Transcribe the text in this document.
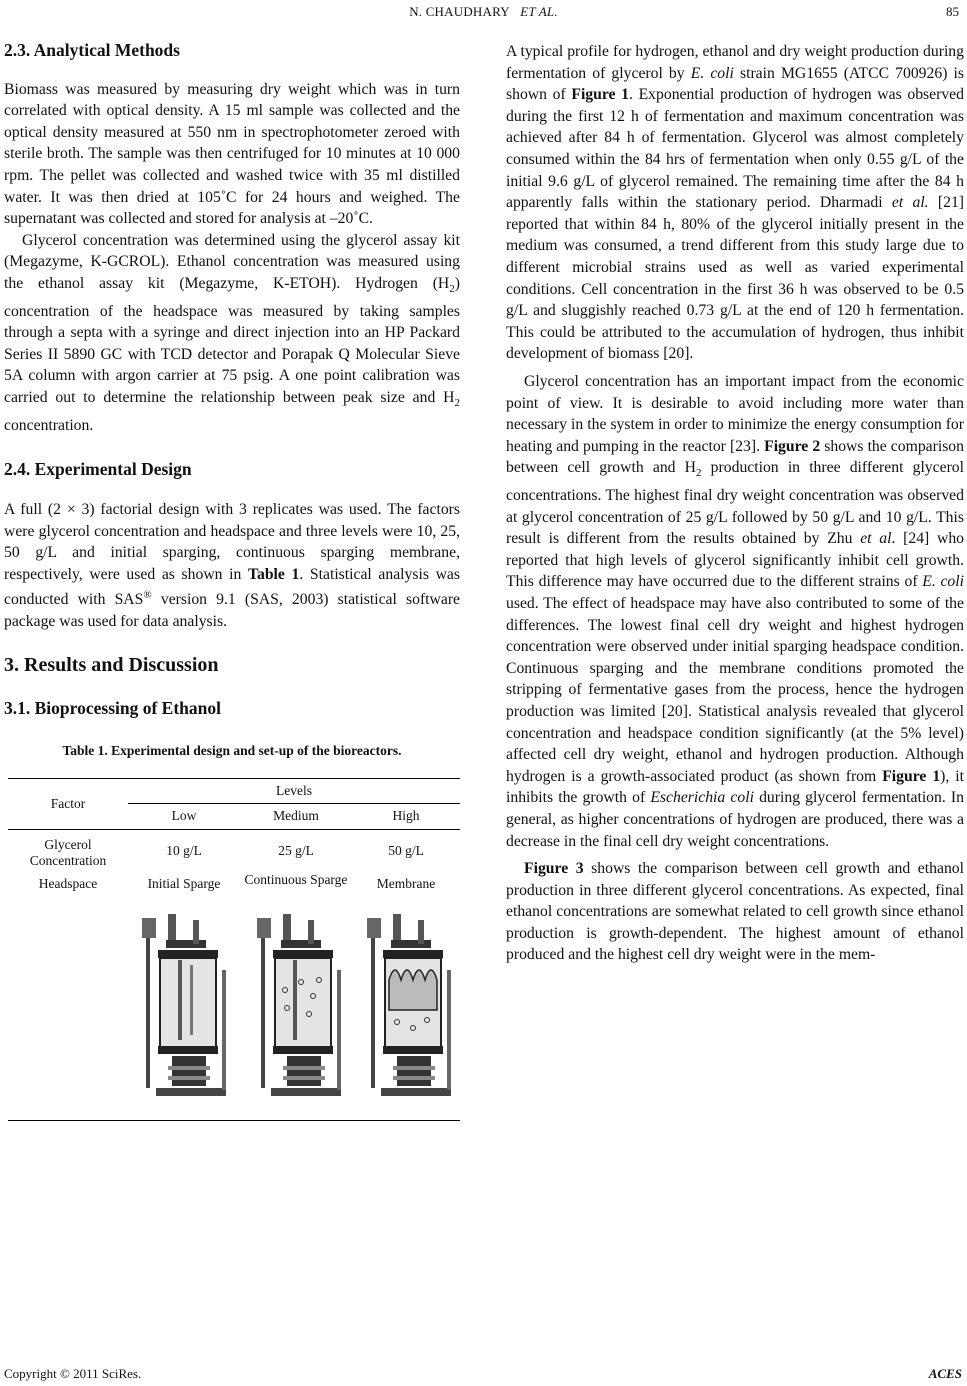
N. CHAUDHARY ET AL.	85
2.3. Analytical Methods

Biomass was measured by measuring dry weight which was in turn correlated with optical density. A 15 ml sample was collected and the optical density measured at 550 nm in spectrophotometer zeroed with sterile broth. The sample was then centrifuged for 10 minutes at 10 000 rpm. The pellet was collected and washed twice with 35 ml distilled water. It was then dried at 105˚C for 24 hours and weighed. The supernatant was collected and stored for analysis at –20˚C.

Glycerol concentration was determined using the glycerol assay kit (Megazyme, K-GCROL). Ethanol concentration was measured using the ethanol assay kit (Megazyme, K-ETOH). Hydrogen $(H_2)$ concentration of the headspace was measured by taking samples through a septa with a syringe and direct injection into an HP Packard Series II 5890 GC with TCD detector and Porapak Q Molecular Sieve 5A column with argon carrier at 75 psig. A one point calibration was carried out to determine the relationship between peak size and $H_2$ concentration.

2.4. Experimental Design

A full (2 × 3) factorial design with 3 replicates was used. The factors were glycerol concentration and headspace and three levels were 10, 25, 50 g/L and initial sparging, continuous sparging membrane, respectively, were used as shown in Table 1. Statistical analysis was conducted with SAS® version 9.1 (SAS, 2003) statistical software package was used for data analysis.

3. Results and Discussion
3.1. Bioprocessing of Ethanol

Table 1. Experimental design and set-up of the bioreactors.

Factor	Levels		
	Low	Medium	High
Glycerol Concentration	10 g/L	25 g/L	50 g/L
Headspace	Initial Sparge	Continuous Sparge	Membrane

A typical profile for hydrogen, ethanol and dry weight production during fermentation of glycerol by E. coli strain MG1655 (ATCC 700926) is shown of Figure 1. Exponential production of hydrogen was observed during the first 12 h of fermentation and maximum concentration was achieved after 84 h of fermentation. Glycerol was almost completely consumed within the 84 hrs of fermentation when only 0.55 g/L of the initial 9.6 g/L of glycerol remained. The remaining time after the 84 h apparently falls within the stationary period. Dharmadi et al. [21] reported that within 84 h, 80% of the glycerol initially present in the medium was consumed, a trend different from this study large due to different microbial strains used as well as varied experimental conditions. Cell concentration in the first 36 h was observed to be 0.5 g/L and sluggishly reached 0.73 g/L at the end of 120 h fermentation. This could be attributed to the accumulation of hydrogen, thus inhibit development of biomass [20].

Glycerol concentration has an important impact from the economic point of view. It is desirable to avoid including more water than necessary in the system in order to minimize the energy consumption for heating and pumping in the reactor [23]. Figure 2 shows the comparison between cell growth and $H_2$ production in three different glycerol concentrations. The highest final dry weight concentration was observed at glycerol concentration of 25 g/L followed by 50 g/L and 10 g/L. This result is different from the results obtained by Zhu et al. [24] who reported that high levels of glycerol significantly inhibit cell growth. This difference may have occurred due to the different strains of E. coli used. The effect of headspace may have also contributed to some of the differences. The lowest final cell dry weight and highest hydrogen concentration were observed under initial sparging headspace condition. Continuous sparging and the membrane conditions promoted the stripping of fermentative gases from the process, hence the hydrogen production was limited [20]. Statistical analysis revealed that glycerol concentration and headspace condition significantly (at the 5% level) affected cell dry weight, ethanol and hydrogen production. Although hydrogen is a growth-associated product (as shown from Figure 1), it inhibits the growth of Escherichia coli during glycerol fermentation. In general, as higher concentrations of hydrogen are produced, there was a decrease in the final cell dry weight concentrations.

Figure 3 shows the comparison between cell growth and ethanol production in three different glycerol concentrations. As expected, final ethanol concentrations are somewhat related to cell growth since ethanol production is growth-dependent. The highest amount of ethanol produced and the highest cell dry weight were in the mem-

Copyright © 2011 SciRes.	ACES
